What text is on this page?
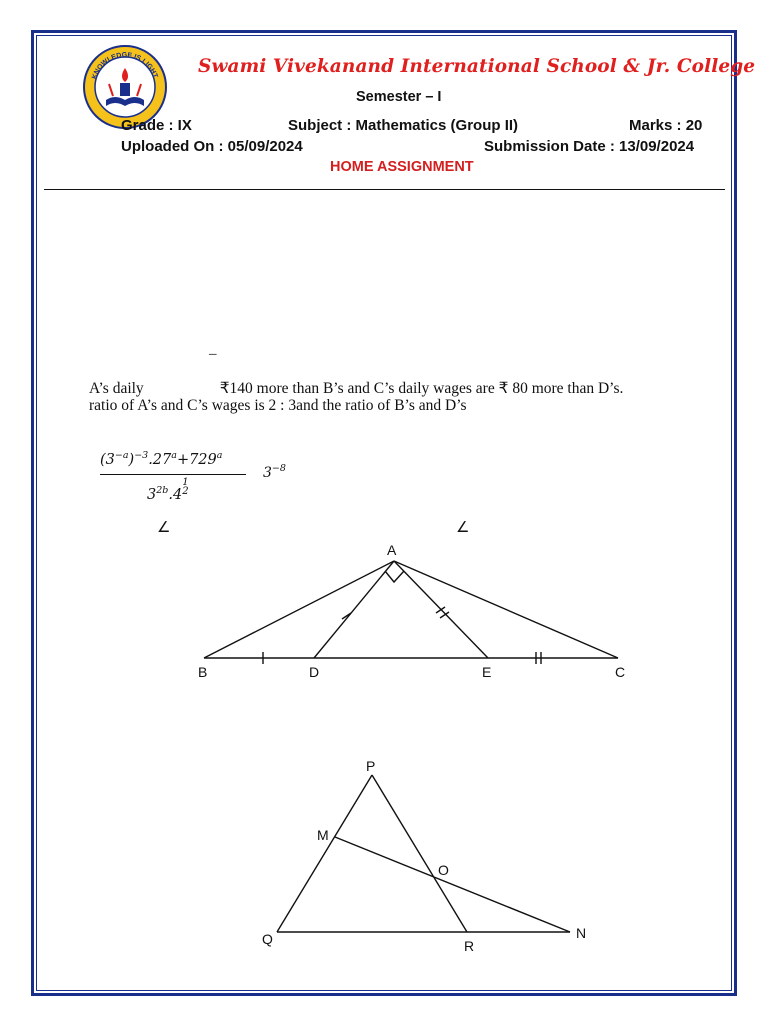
KNOWLEDGE IS LIGHT Swami Vivekanand International School & Jr. College
Semester – I
Grade : IX	Subject : Mathematics (Group II)	Marks : 20
Uploaded On : 05/09/2024	Submission Date : 13/09/2024
HOME ASSIGNMENT
–
A’s daily	₹140 more than B’s and C’s daily wages are ₹ 80 more than D’s.
ratio of A’s and C’s wages is 2 : 3and the ratio of B’s and D’s
$(3^{-a})^{-3}.27^a+729^a$
$3^{2b}.4$
1
2
$3^{-8}$
∠	∠
A
B	D	E	C
P
M
O
Q	R
N
